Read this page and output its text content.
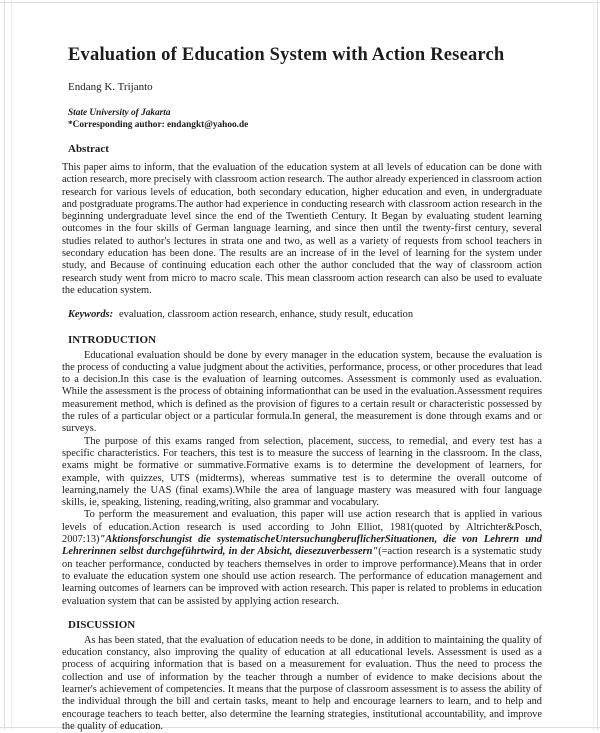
Evaluation of Education System with Action Research
Endang K. Trijanto
State University of Jakarta
*Corresponding author: endangkt@yahoo.de
Abstract

This paper aims to inform, that the evaluation of the education system at all levels of education can be done with action research, more precisely with classroom action research. The author already experienced in classroom action research for various levels of education, both secondary education, higher education and even, in undergraduate and postgraduate programs.The author had experience in conducting research with classroom action research in the beginning undergraduate level since the end of the Twentieth Century. It Began by evaluating student learning outcomes in the four skills of German language learning, and since then until the twenty-first century, several studies related to author's lectures in strata one and two, as well as a variety of requests from school teachers in secondary education has been done. The results are an increase of in the level of learning for the system under study, and Because of continuing education each other the author concluded that the way of classroom action research study went from micro to macro scale. This mean classroom action research can also be used to evaluate the education system.

Keywords: evaluation, classroom action research, enhance, study result, education
INTRODUCTION

Educational evaluation should be done by every manager in the education system, because the evaluation is the process of conducting a value judgment about the activities, performance, process, or other procedures that lead to a decision.In this case is the evaluation of learning outcomes. Assessment is commonly used as evaluation. While the assessment is the process of obtaining informationthat can be used in the evaluation.Assessment requires measurement method, which is defined as the provision of figures to a certain result or characteristic possessed by the rules of a particular object or a particular formula.In general, the measurement is done through exams and or surveys.

The purpose of this exams ranged from selection, placement, success, to remedial, and every test has a specific characteristics. For teachers, this test is to measure the success of learning in the classroom. In the class, exams might be formative or summative.Formative exams is to determine the development of learners, for example, with quizzes, UTS (midterms), whereas summative test is to determine the overall outcome of learning,namely the UAS (final exams).While the area of language mastery was measured with four language skills, ie, speaking, listening, reading,writing, also grammar and vocabulary.

To perform the measurement and evaluation, this paper will use action research that is applied in various levels of education.Action research is used according to John Elliot, 1981(quoted by Altrichter&Posch, 2007:13)"Aktionsforschungist die systematischeUntersuchungberuflicherSituationen, die von Lehrern und Lehrerinnen selbst durchgeführtwird, in der Absicht, diesezuverbessern"(=action research is a systematic study on teacher performance, conducted by teachers themselves in order to improve performance).Means that in order to evaluate the education system one should use action research. The performance of education management and learning outcomes of learners can be improved with action research. This paper is related to problems in education evaluation system that can be assisted by applying action research.

DISCUSSION

As has been stated, that the evaluation of education needs to be done, in addition to maintaining the quality of education constancy, also improving the quality of education at all educational levels. Assessment is used as a process of acquiring information that is based on a measurement for evaluation. Thus the need to process the collection and use of information by the teacher through a number of evidence to make decisions about the learner's achievement of competencies. It means that the purpose of classroom assessment is to assess the ability of the individual through the bill and certain tasks, meant to help and encourage learners to learn, and to help and encourage teachers to teach better, also determine the learning strategies, institutional accountability, and improve the quality of education.
